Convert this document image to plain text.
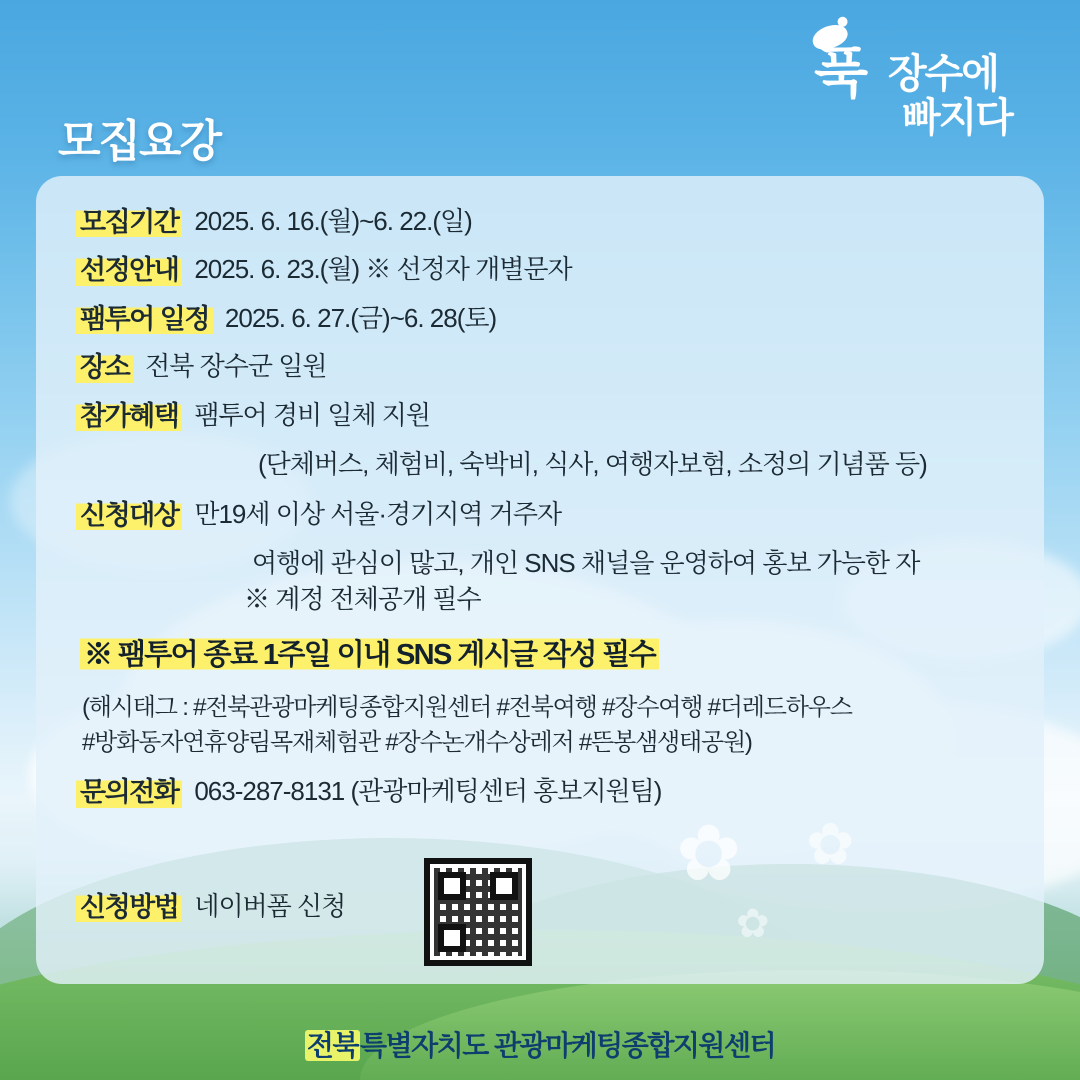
푹 장수에
빠지다
모집요강
모집기간 2025. 6. 16.(월)~6. 22.(일)
선정안내 2025. 6. 23.(월) ※ 선정자 개별문자
팸투어 일정 2025. 6. 27.(금)~6. 28(토)
장소 전북 장수군 일원
참가혜택 팸투어 경비 일체 지원
(단체버스, 체험비, 숙박비, 식사, 여행자보험, 소정의 기념품 등)
신청대상 만19세 이상 서울·경기지역 거주자
여행에 관심이 많고, 개인 SNS 채널을 운영하여 홍보 가능한 자
※ 계정 전체공개 필수
※ 팸투어 종료 1주일 이내 SNS 게시글 작성 필수
(해시태그 : #전북관광마케팅종합지원센터 #전북여행 #장수여행 #더레드하우스
#방화동자연휴양림목재체험관 #장수논개수상레저 #뜬봉샘생태공원)
문의전화 063-287-8131 (관광마케팅센터 홍보지원팀)
신청방법 네이버폼 신청
✿ ✿
✿
전북특별자치도 관광마케팅종합지원센터
